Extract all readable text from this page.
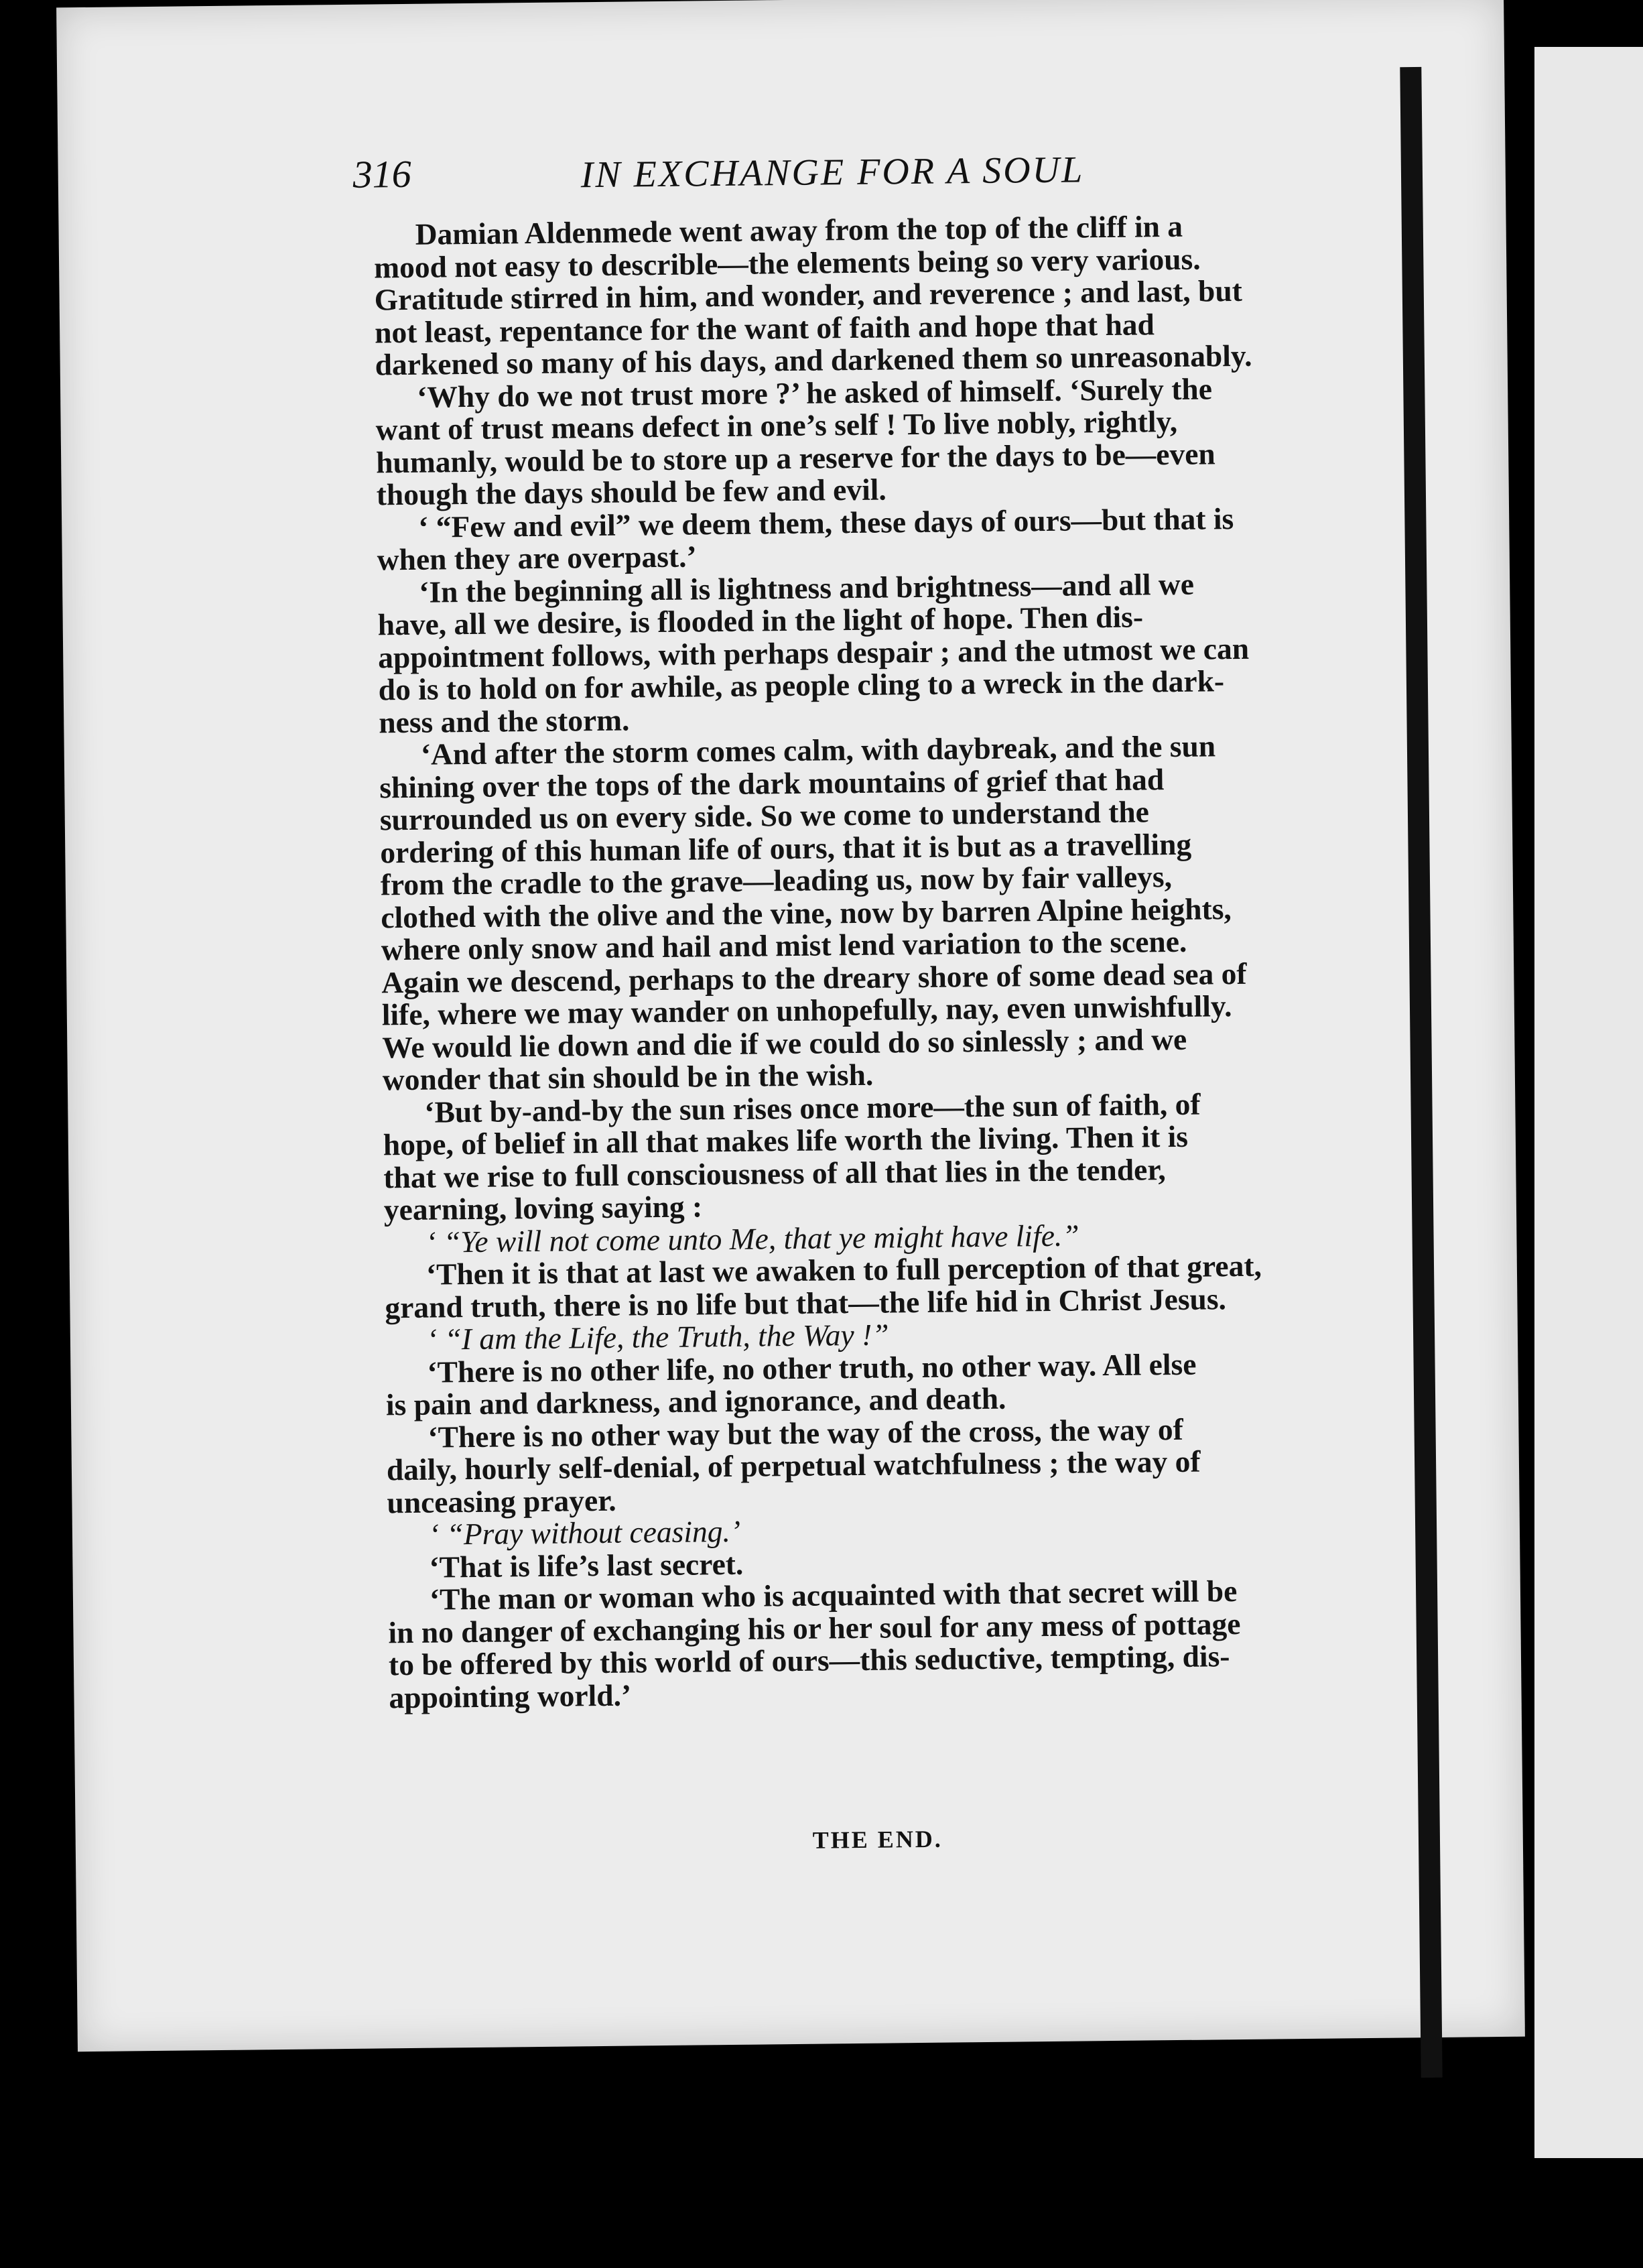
316	IN EXCHANGE FOR A SOUL
Damian Aldenmede went away from the top of the cliff in a
mood not easy to describle—the elements being so very various.
Gratitude stirred in him, and wonder, and reverence ; and last, but
not least, repentance for the want of faith and hope that had
darkened so many of his days, and darkened them so unreasonably.
‘Why do we not trust more ?’ he asked of himself. ‘Surely the
want of trust means defect in one’s self ! To live nobly, rightly,
humanly, would be to store up a reserve for the days to be—even
though the days should be few and evil.
‘ “Few and evil” we deem them, these days of ours—but that is
when they are overpast.’
‘In the beginning all is lightness and brightness—and all we
have, all we desire, is flooded in the light of hope. Then dis-
appointment follows, with perhaps despair ; and the utmost we can
do is to hold on for awhile, as people cling to a wreck in the dark-
ness and the storm.
‘And after the storm comes calm, with daybreak, and the sun
shining over the tops of the dark mountains of grief that had
surrounded us on every side. So we come to understand the
ordering of this human life of ours, that it is but as a travelling
from the cradle to the grave—leading us, now by fair valleys,
clothed with the olive and the vine, now by barren Alpine heights,
where only snow and hail and mist lend variation to the scene.
Again we descend, perhaps to the dreary shore of some dead sea of
life, where we may wander on unhopefully, nay, even unwishfully.
We would lie down and die if we could do so sinlessly ; and we
wonder that sin should be in the wish.
‘But by-and-by the sun rises once more—the sun of faith, of
hope, of belief in all that makes life worth the living. Then it is
that we rise to full consciousness of all that lies in the tender,
yearning, loving saying :
‘ “Ye will not come unto Me, that ye might have life.”
‘Then it is that at last we awaken to full perception of that great,
grand truth, there is no life but that—the life hid in Christ Jesus.
‘ “I am the Life, the Truth, the Way !”
‘There is no other life, no other truth, no other way. All else
is pain and darkness, and ignorance, and death.
‘There is no other way but the way of the cross, the way of
daily, hourly self-denial, of perpetual watchfulness ; the way of
unceasing prayer.
‘ “Pray without ceasing.’
‘That is life’s last secret.
‘The man or woman who is acquainted with that secret will be
in no danger of exchanging his or her soul for any mess of pottage
to be offered by this world of ours—this seductive, tempting, dis-
appointing world.’
THE END.
